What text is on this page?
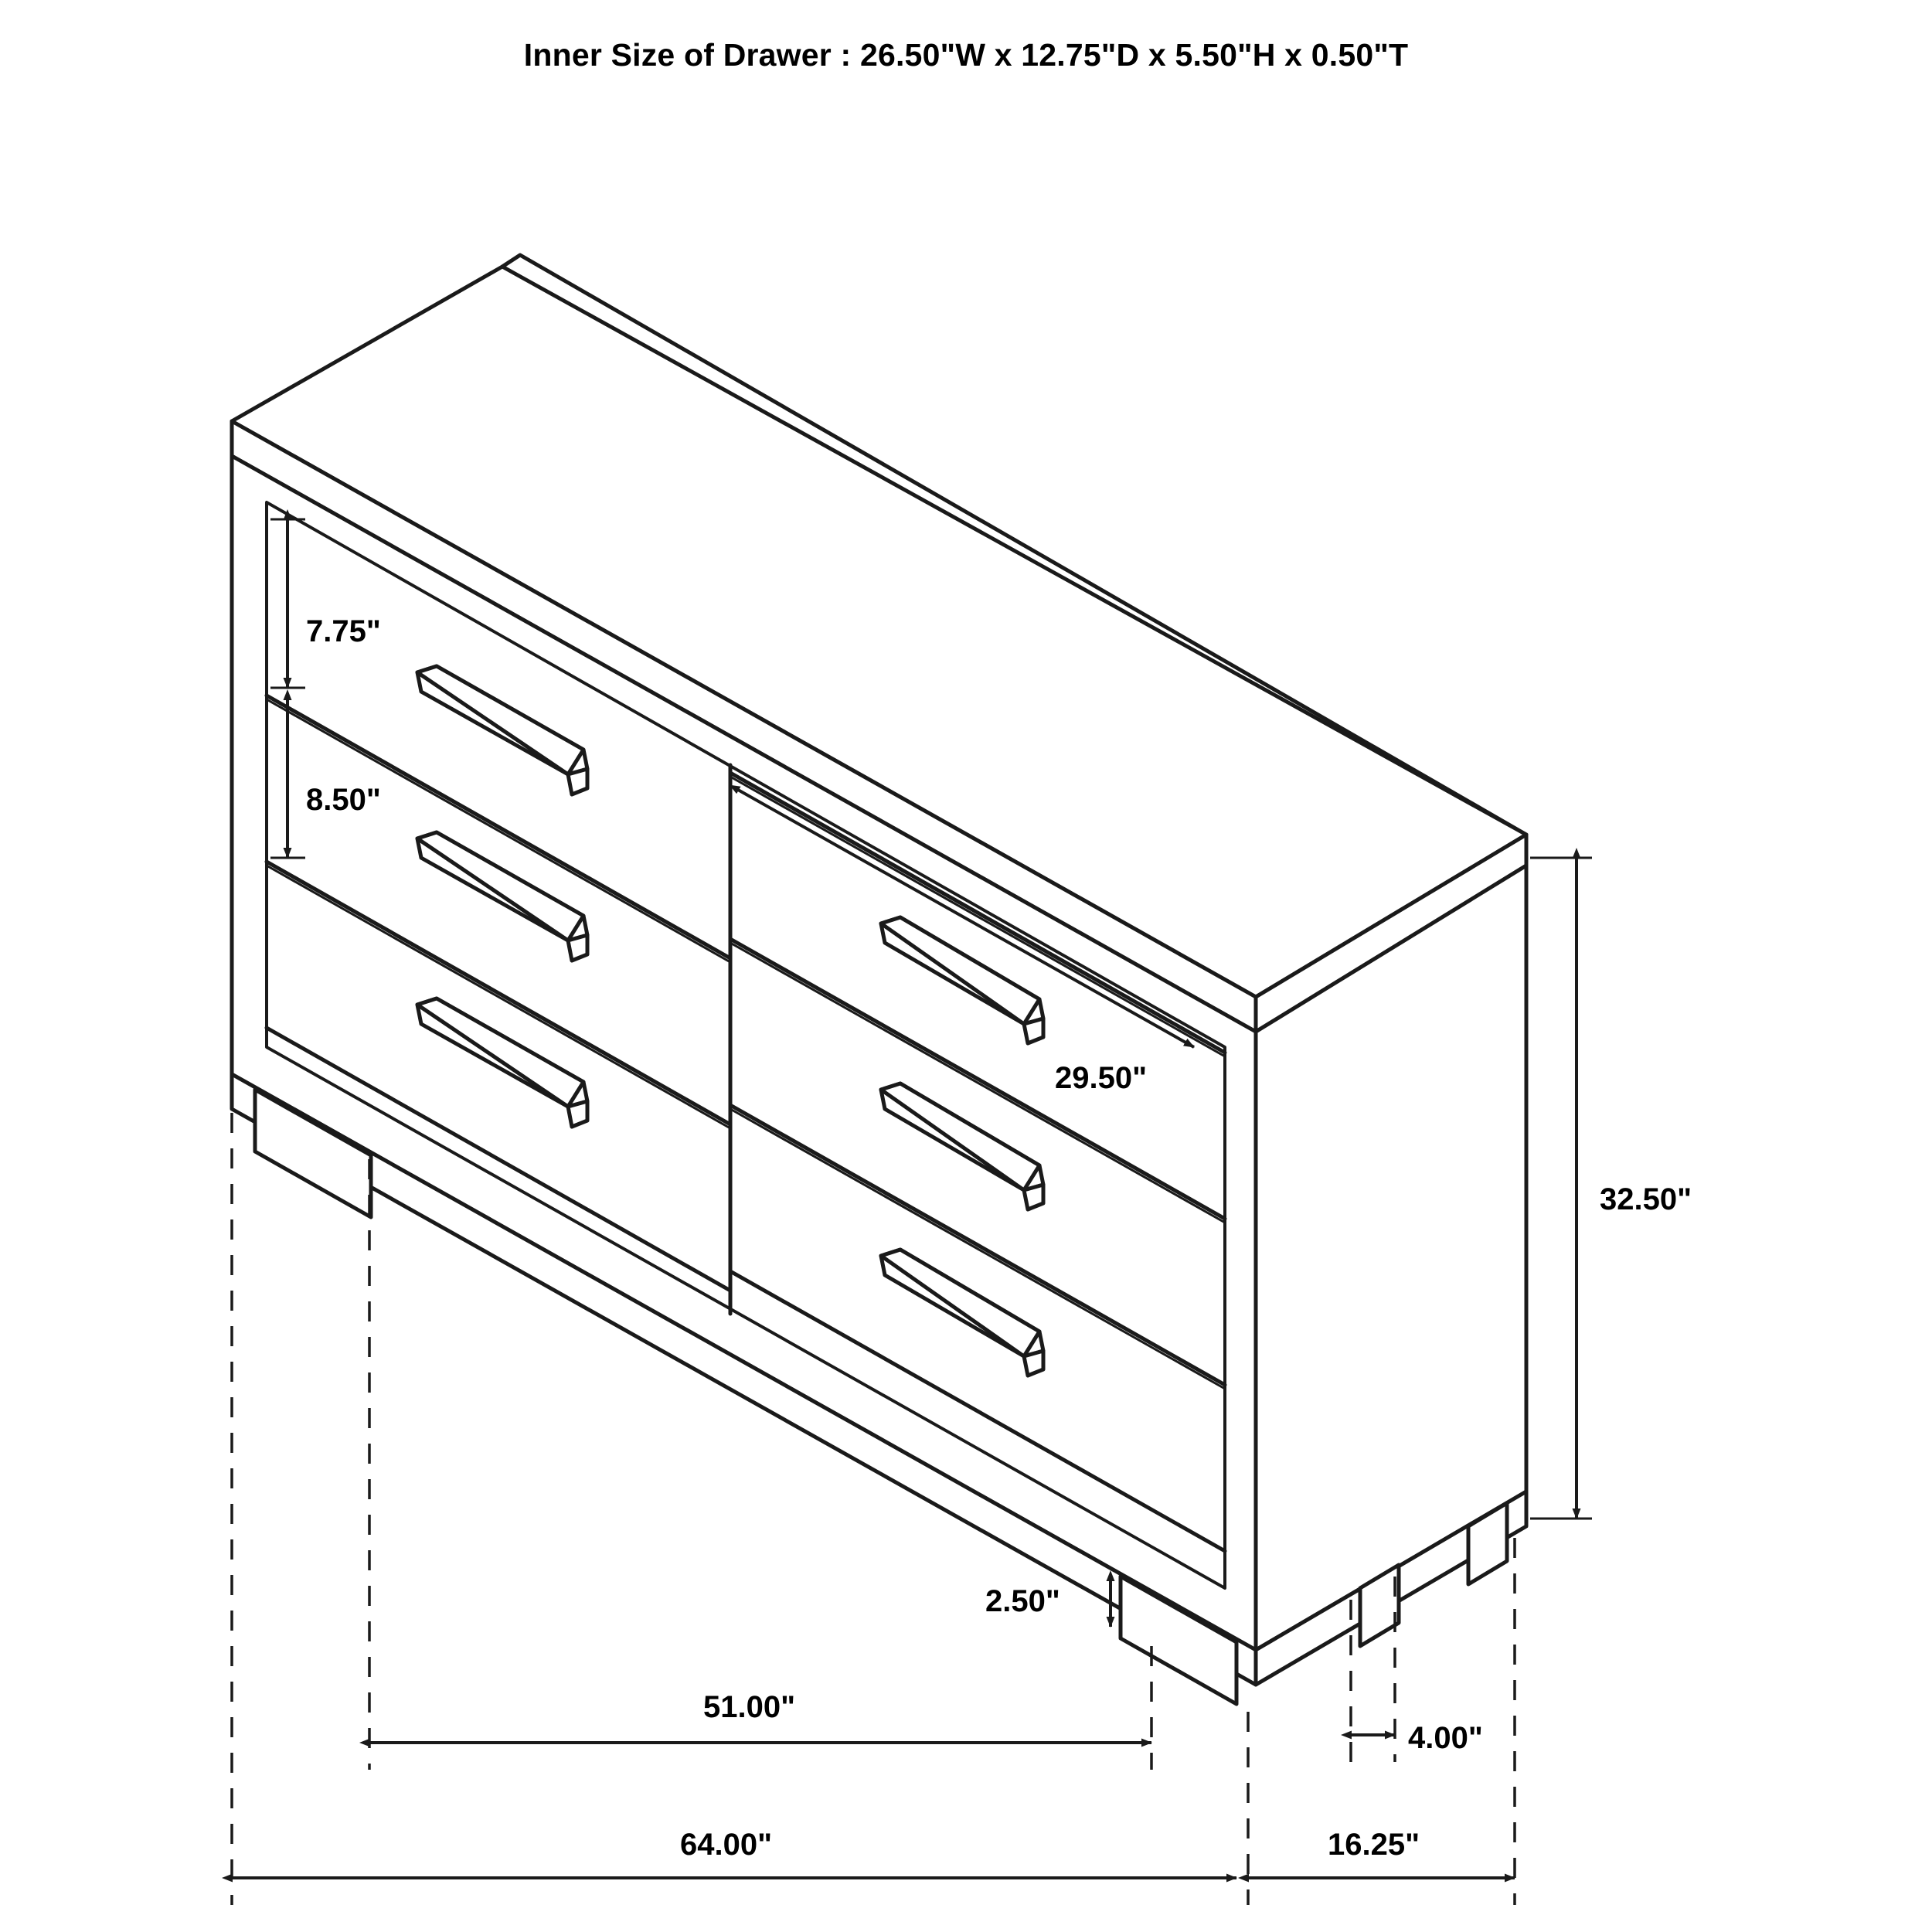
Inner Size of Drawer : 26.50"W x 12.75"D x 5.50"H x 0.50"T
7.75"
8.50"
29.50"
32.50"
2.50"
51.00"
64.00"	16.25"
4.00"
